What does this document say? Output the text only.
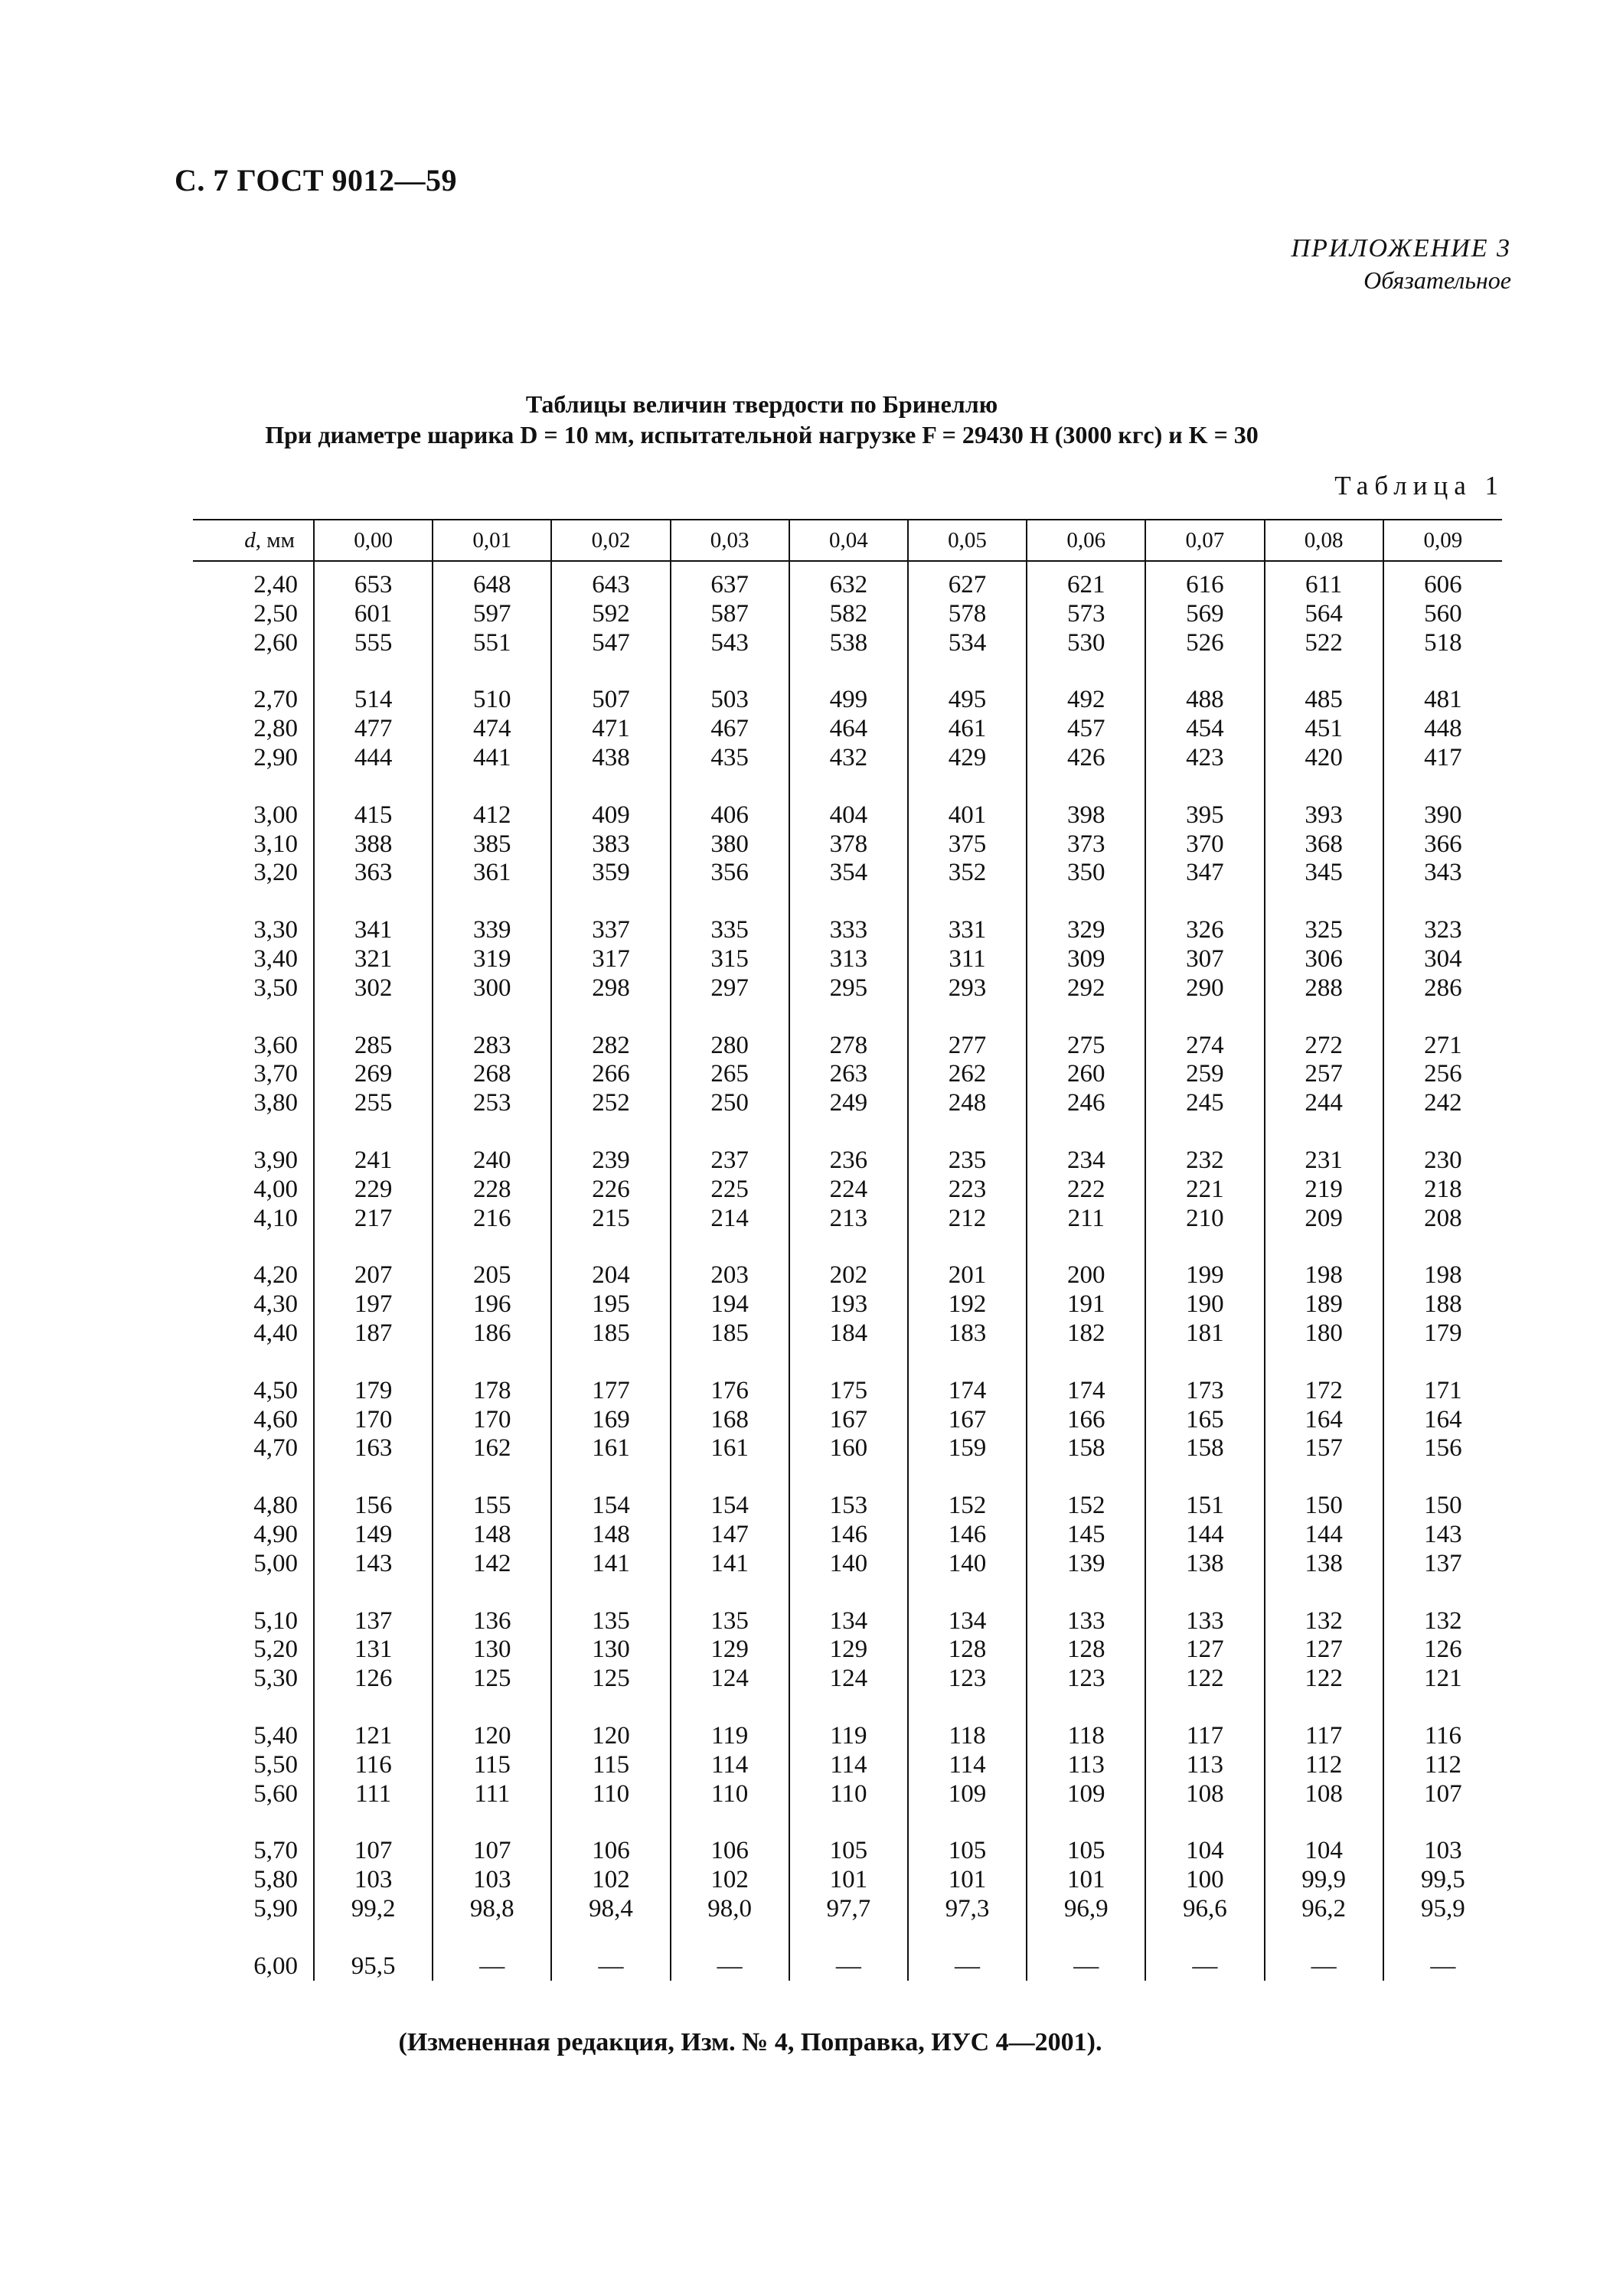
С. 7 ГОСТ 9012—59
ПРИЛОЖЕНИЕ 3
Обязательное
Таблицы величин твердости по Бринеллю
При диаметре шарика D = 10 мм, испытательной нагрузке F = 29430 Н (3000 кгс) и K = 30
Таблица 1
d, мм	0,00	0,01	0,02	0,03	0,04	0,05	0,06	0,07	0,08	0,09
2,40	653	648	643	637	632	627	621	616	611	606
2,50	601	597	592	587	582	578	573	569	564	560
2,60	555	551	547	543	538	534	530	526	522	518

2,70	514	510	507	503	499	495	492	488	485	481
2,80	477	474	471	467	464	461	457	454	451	448
2,90	444	441	438	435	432	429	426	423	420	417

3,00	415	412	409	406	404	401	398	395	393	390
3,10	388	385	383	380	378	375	373	370	368	366
3,20	363	361	359	356	354	352	350	347	345	343

3,30	341	339	337	335	333	331	329	326	325	323
3,40	321	319	317	315	313	311	309	307	306	304
3,50	302	300	298	297	295	293	292	290	288	286

3,60	285	283	282	280	278	277	275	274	272	271
3,70	269	268	266	265	263	262	260	259	257	256
3,80	255	253	252	250	249	248	246	245	244	242

3,90	241	240	239	237	236	235	234	232	231	230
4,00	229	228	226	225	224	223	222	221	219	218
4,10	217	216	215	214	213	212	211	210	209	208

4,20	207	205	204	203	202	201	200	199	198	198
4,30	197	196	195	194	193	192	191	190	189	188
4,40	187	186	185	185	184	183	182	181	180	179

4,50	179	178	177	176	175	174	174	173	172	171
4,60	170	170	169	168	167	167	166	165	164	164
4,70	163	162	161	161	160	159	158	158	157	156

4,80	156	155	154	154	153	152	152	151	150	150
4,90	149	148	148	147	146	146	145	144	144	143
5,00	143	142	141	141	140	140	139	138	138	137

5,10	137	136	135	135	134	134	133	133	132	132
5,20	131	130	130	129	129	128	128	127	127	126
5,30	126	125	125	124	124	123	123	122	122	121

5,40	121	120	120	119	119	118	118	117	117	116
5,50	116	115	115	114	114	114	113	113	112	112
5,60	111	111	110	110	110	109	109	108	108	107

5,70	107	107	106	106	105	105	105	104	104	103
5,80	103	103	102	102	101	101	101	100	99,9	99,5
5,90	99,2	98,8	98,4	98,0	97,7	97,3	96,9	96,6	96,2	95,9

6,00	95,5	—	—	—	—	—	—	—	—	—
(Измененная редакция, Изм. № 4, Поправка, ИУС 4—2001).
